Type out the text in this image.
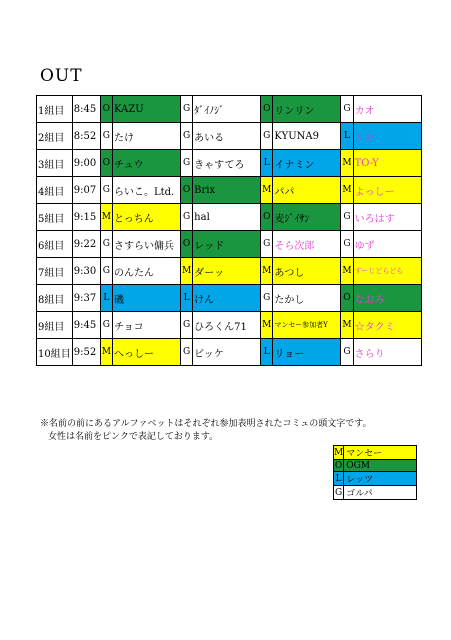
OUT
1組目	8:45	O	KAZU	G	ﾀﾞｲﾉｼﾞ	O	リンリン	G	カオ
2組目	8:52	G	たけ	G	あいる	G	KYUNA9	L	リカ
3組目	9:00	O	チュウ	G	きゃすてろ	L	イナミン	M	TO-Y
4組目	9:07	G	らいこ。Ltd.	O	Brix	M	パパ	M	よっしー
5組目	9:15	M	とっちん	G	hal	O	麦ｼﾞｲｻﾝ	G	いろはす
6組目	9:22	G	さすらい傭兵	O	レッド	G	そら次郎	G	ゆず
7組目	9:30	G	のんたん	M	ダーッ	M	あつし	M	すーじどらどら
8組目	9:37	L	磯	L	けん	G	たかし	O	なおみ
9組目	9:45	G	チョコ	G	ひろくん71	M	マンセー参加者Y	M	☆タクミ
10組目	9:52	M	へっしー	G	ビッケ	L	リョー	G	さらり
※名前の前にあるアルファベットはそれぞれ参加表明されたコミュの頭文字です。
女性は名前をピンクで表記しております。
M	マンセー
O	OGM
L	レッツ
G	ゴルパ
